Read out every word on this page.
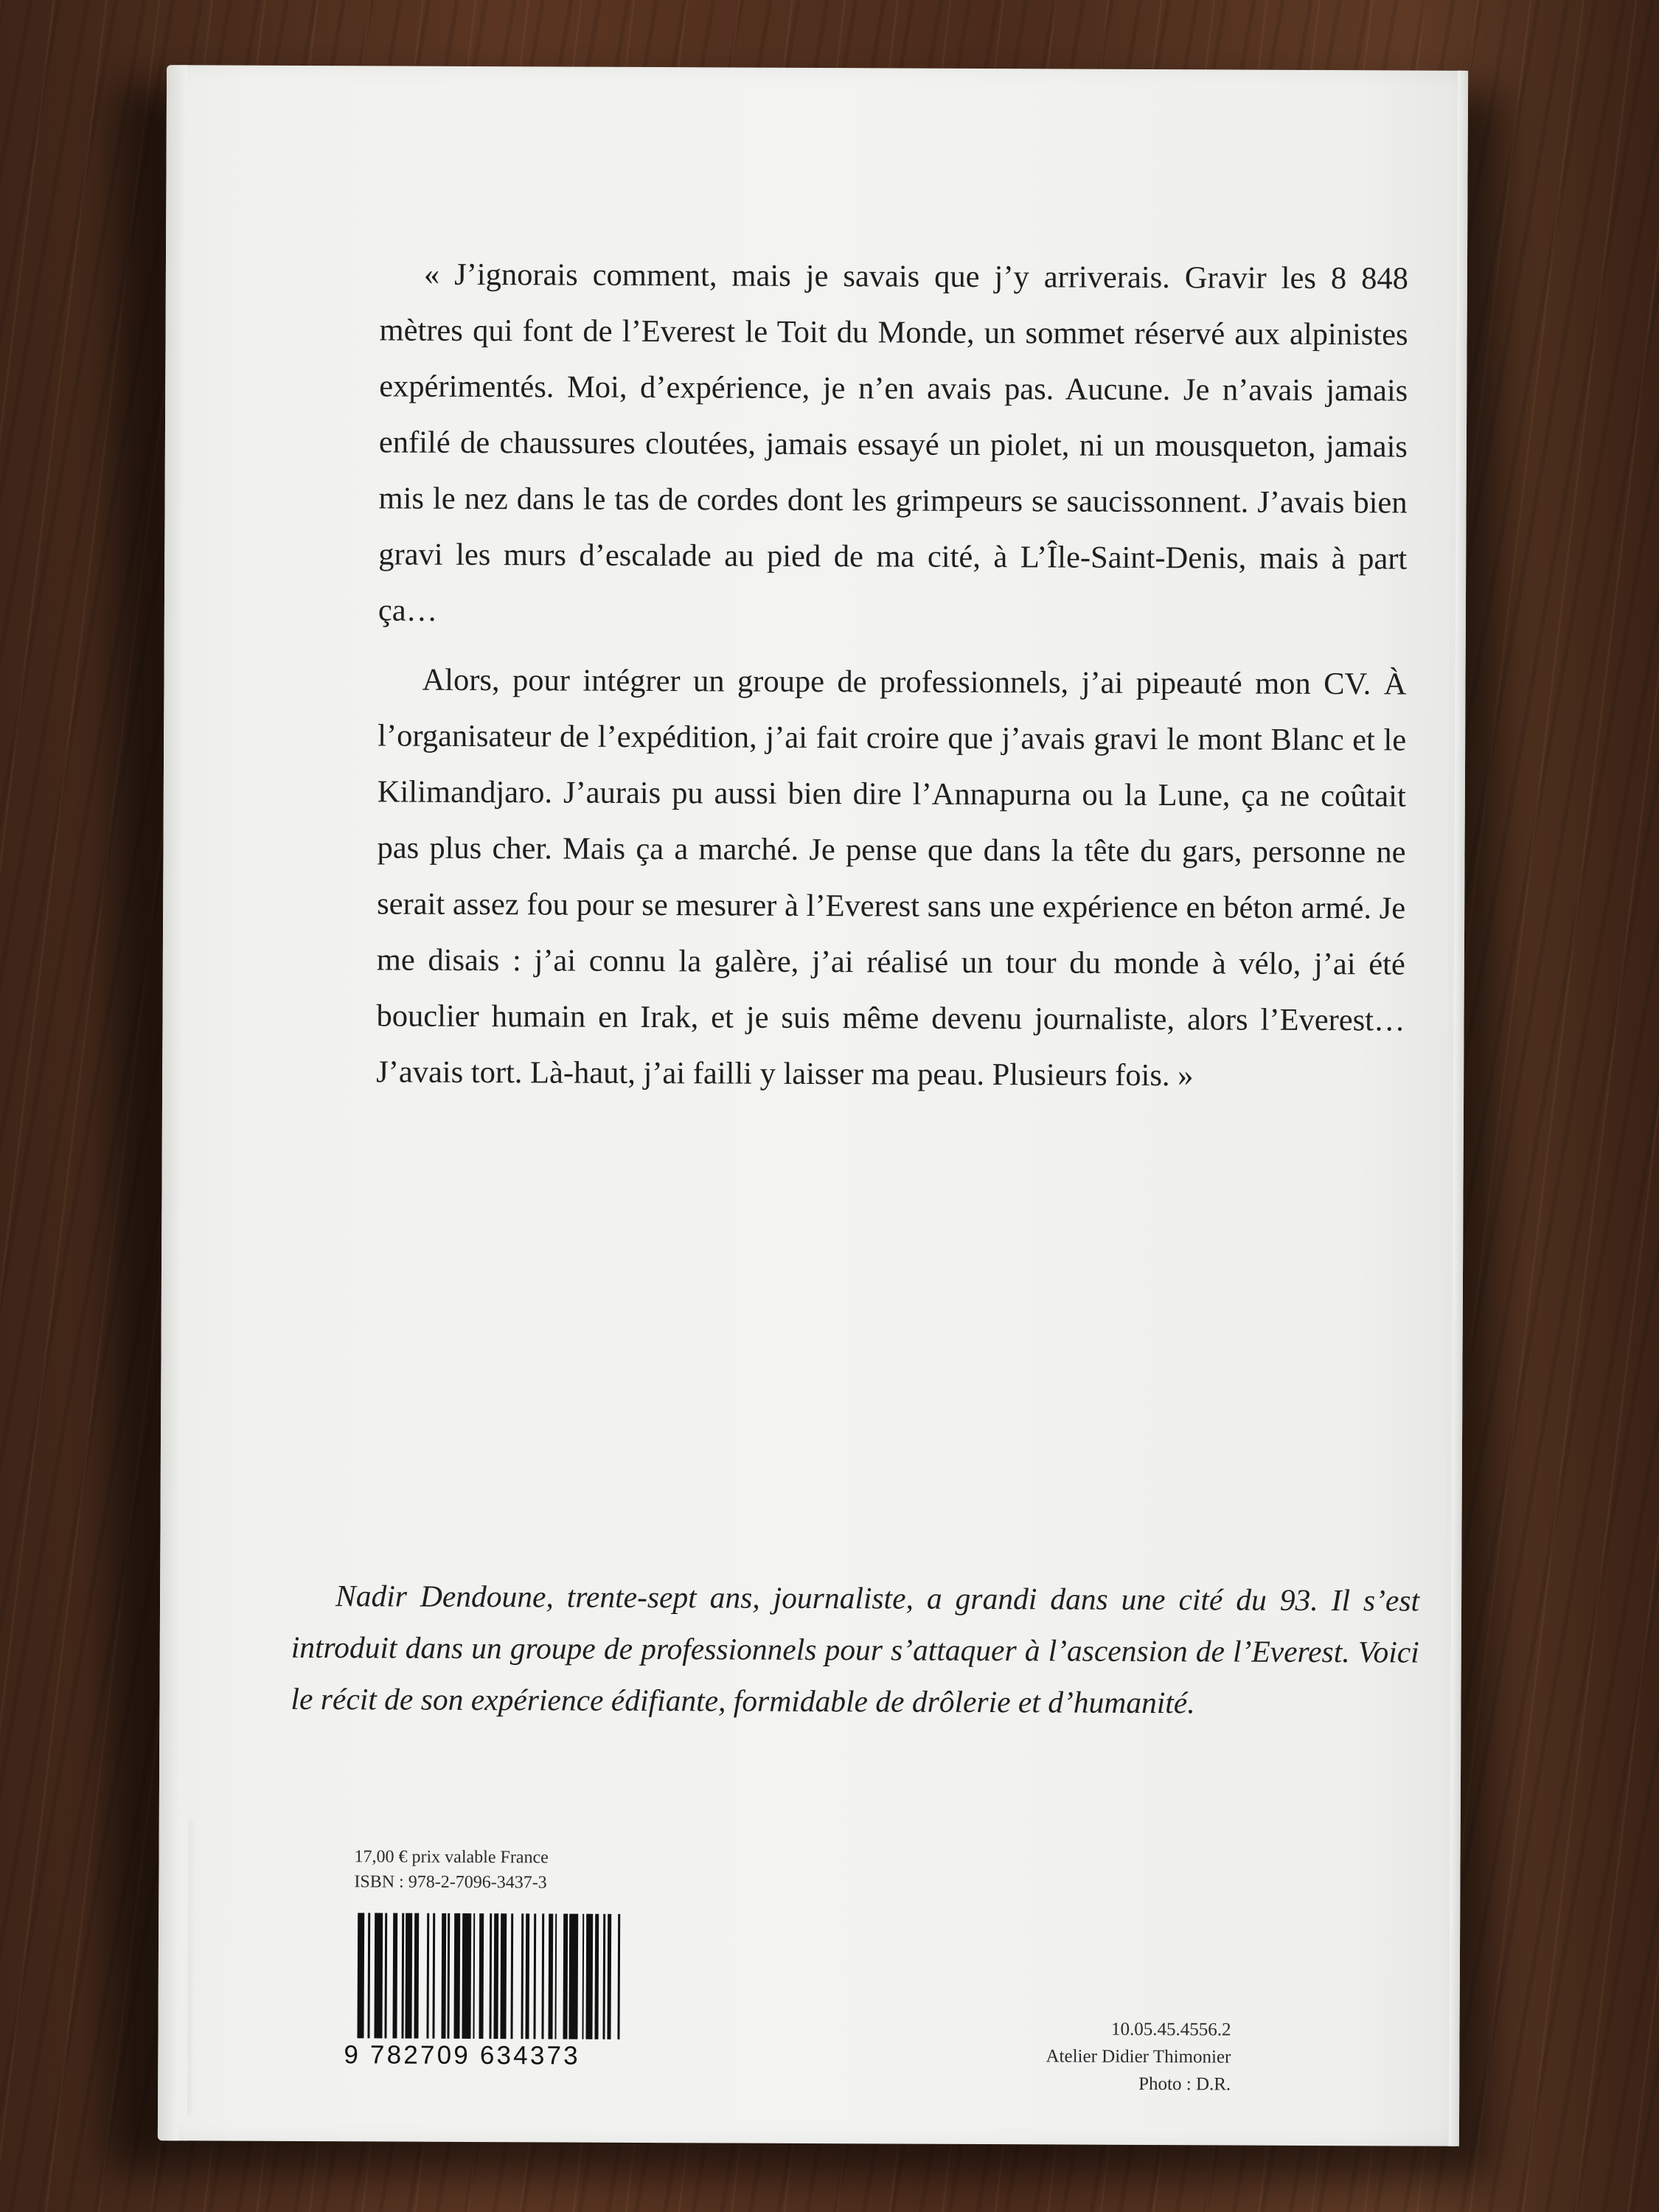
« J’ignorais comment, mais je savais que j’y arriverais. Gravir les 8 848 mètres qui font de l’Everest le Toit du Monde, un sommet réservé aux alpinistes expérimentés. Moi, d’expérience, je n’en avais pas. Aucune. Je n’avais jamais enfilé de chaussures cloutées, jamais essayé un piolet, ni un mousqueton, jamais mis le nez dans le tas de cordes dont les grimpeurs se saucissonnent. J’avais bien gravi les murs d’escalade au pied de ma cité, à L’Île-Saint-Denis, mais à part ça…

Alors, pour intégrer un groupe de professionnels, j’ai pipeauté mon CV. À l’organisateur de l’expédition, j’ai fait croire que j’avais gravi le mont Blanc et le Kilimandjaro. J’aurais pu aussi bien dire l’Annapurna ou la Lune, ça ne coûtait pas plus cher. Mais ça a marché. Je pense que dans la tête du gars, personne ne serait assez fou pour se mesurer à l’Everest sans une expérience en béton armé. Je me disais : j’ai connu la galère, j’ai réalisé un tour du monde à vélo, j’ai été bouclier humain en Irak, et je suis même devenu journaliste, alors l’Everest… J’avais tort. Là-haut, j’ai failli y laisser ma peau. Plusieurs fois. »

Nadir Dendoune, trente-sept ans, journaliste, a grandi dans une cité du 93. Il s’est introduit dans un groupe de professionnels pour s’attaquer à l’ascension de l’Everest. Voici le récit de son expérience édifiante, formidable de drôlerie et d’humanité.
17,00 € prix valable France
ISBN : 978-2-7096-3437-3
9 782709 634373
10.05.45.4556.2
Atelier Didier Thimonier
Photo : D.R.
